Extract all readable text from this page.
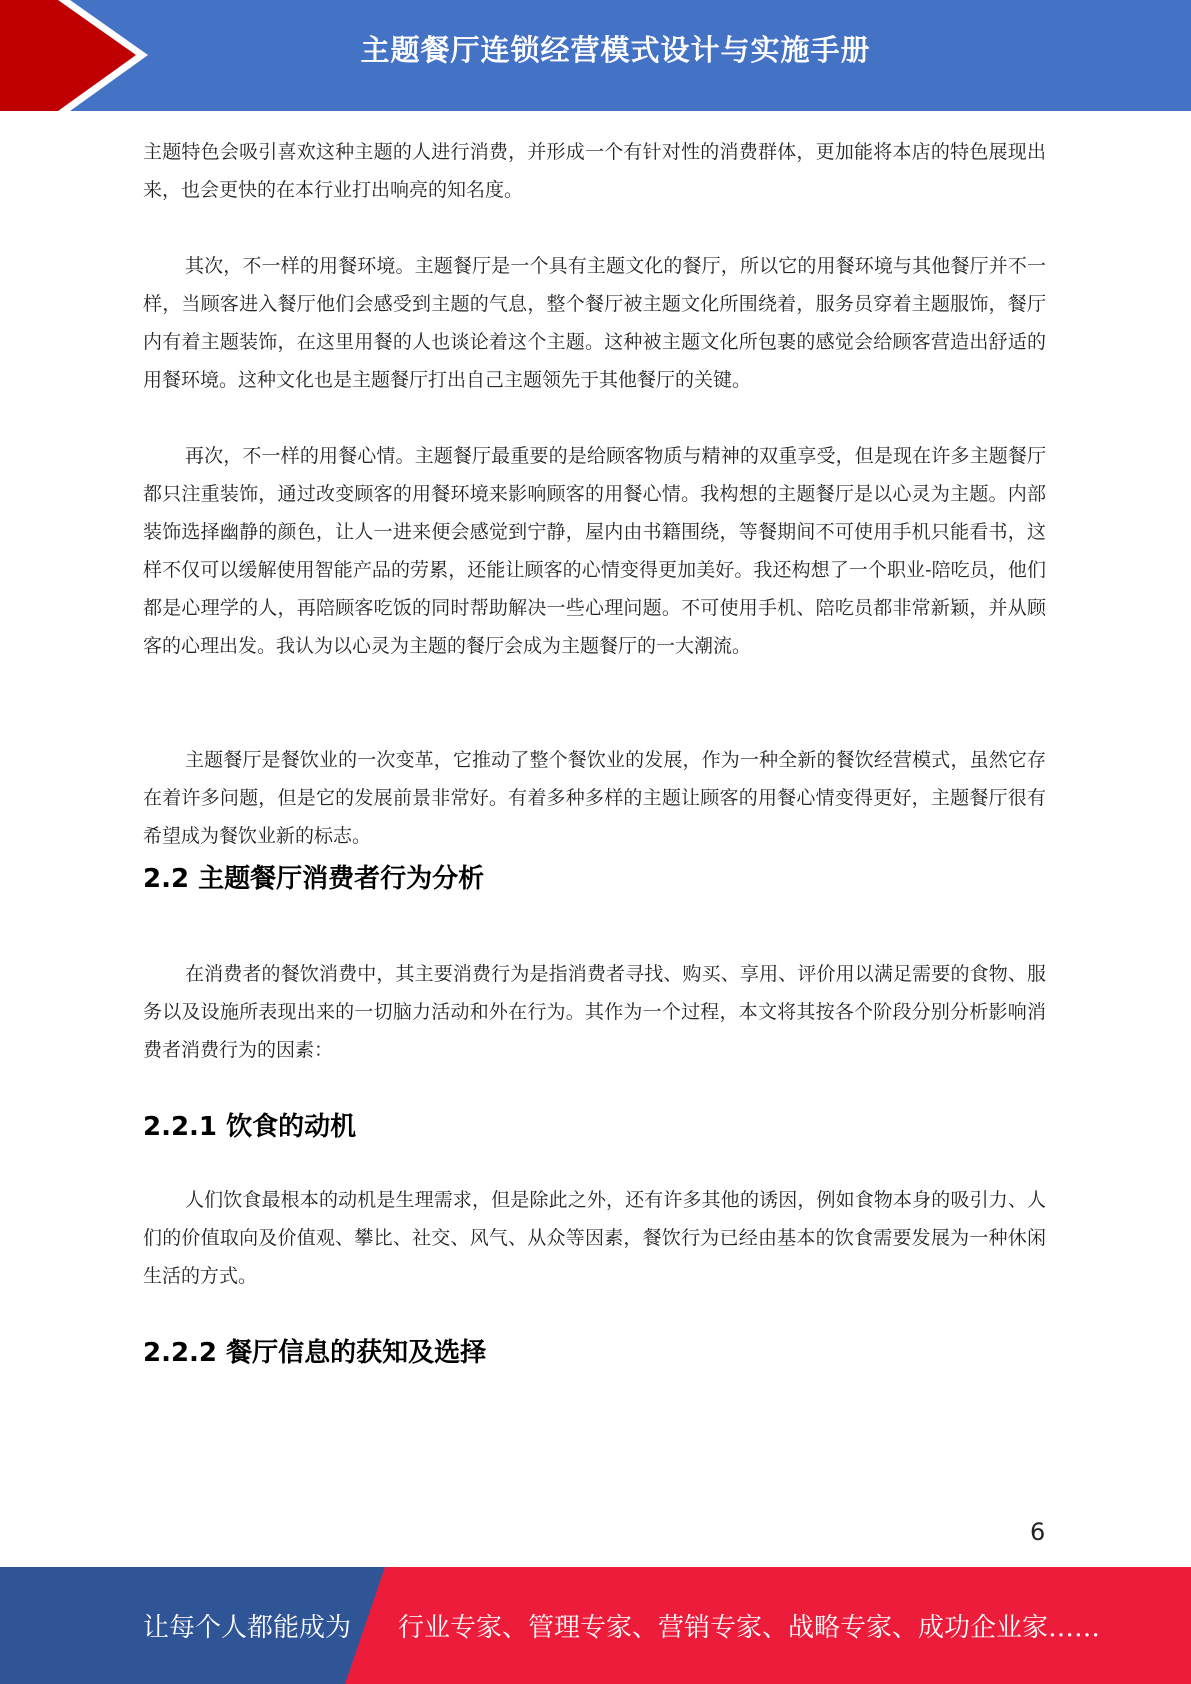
主题餐厅连锁经营模式设计与实施手册

主题特色会吸引喜欢这种主题的人进行消费，并形成一个有针对性的消费群体，更加能将本店的特色展现出来，也会更快的在本行业打出响亮的知名度。

其次，不一样的用餐环境。主题餐厅是一个具有主题文化的餐厅，所以它的用餐环境与其他餐厅并不一样，当顾客进入餐厅他们会感受到主题的气息，整个餐厅被主题文化所围绕着，服务员穿着主题服饰，餐厅内有着主题装饰，在这里用餐的人也谈论着这个主题。这种被主题文化所包裹的感觉会给顾客营造出舒适的用餐环境。这种文化也是主题餐厅打出自己主题领先于其他餐厅的关键。

再次，不一样的用餐心情。主题餐厅最重要的是给顾客物质与精神的双重享受，但是现在许多主题餐厅都只注重装饰，通过改变顾客的用餐环境来影响顾客的用餐心情。我构想的主题餐厅是以心灵为主题。内部装饰选择幽静的颜色，让人一进来便会感觉到宁静，屋内由书籍围绕，等餐期间不可使用手机只能看书，这样不仅可以缓解使用智能产品的劳累，还能让顾客的心情变得更加美好。我还构想了一个职业-陪吃员，他们都是心理学的人，再陪顾客吃饭的同时帮助解决一些心理问题。不可使用手机、陪吃员都非常新颖，并从顾客的心理出发。我认为以心灵为主题的餐厅会成为主题餐厅的一大潮流。

主题餐厅是餐饮业的一次变革，它推动了整个餐饮业的发展，作为一种全新的餐饮经营模式，虽然它存在着许多问题，但是它的发展前景非常好。有着多种多样的主题让顾客的用餐心情变得更好，主题餐厅很有希望成为餐饮业新的标志。

2.2 主题餐厅消费者行为分析

在消费者的餐饮消费中，其主要消费行为是指消费者寻找、购买、享用、评价用以满足需要的食物、服务以及设施所表现出来的一切脑力活动和外在行为。其作为一个过程，本文将其按各个阶段分别分析影响消费者消费行为的因素：

2.2.1 饮食的动机

人们饮食最根本的动机是生理需求，但是除此之外，还有许多其他的诱因，例如食物本身的吸引力、人们的价值取向及价值观、攀比、社交、风气、从众等因素，餐饮行为已经由基本的饮食需要发展为一种休闲生活的方式。

2.2.2 餐厅信息的获知及选择
6
让每个人都能成为 行业专家、管理专家、营销专家、战略专家、成功企业家……
